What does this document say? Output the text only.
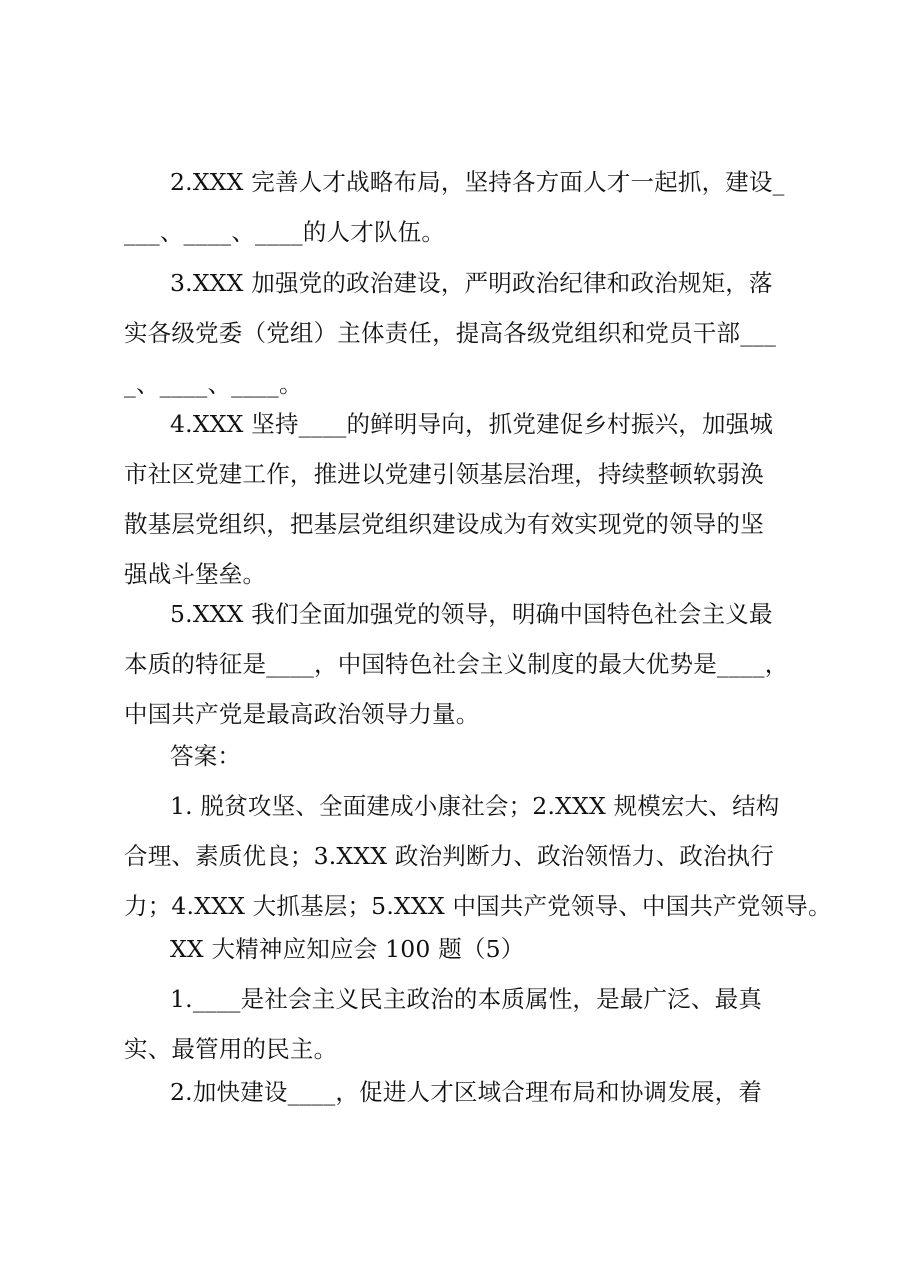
2.XXX 完善人才战略布局，坚持各方面人才一起抓，建设_
___、____、____的人才队伍。
3.XXX 加强党的政治建设，严明政治纪律和政治规矩，落
实各级党委（党组）主体责任，提高各级党组织和党员干部___
_、____、____。
4.XXX 坚持____的鲜明导向，抓党建促乡村振兴，加强城
市社区党建工作，推进以党建引领基层治理，持续整顿软弱涣
散基层党组织，把基层党组织建设成为有效实现党的领导的坚
强战斗堡垒。
5.XXX 我们全面加强党的领导，明确中国特色社会主义最
本质的特征是____，中国特色社会主义制度的最大优势是____，
中国共产党是最高政治领导力量。
答案：
1. 脱贫攻坚、全面建成小康社会；2.XXX 规模宏大、结构
合理、素质优良；3.XXX 政治判断力、政治领悟力、政治执行
力；4.XXX 大抓基层；5.XXX 中国共产党领导、中国共产党领导。
XX 大精神应知应会 100 题（5）
1.____是社会主义民主政治的本质属性，是最广泛、最真
实、最管用的民主。
2.加快建设____，促进人才区域合理布局和协调发展，着
